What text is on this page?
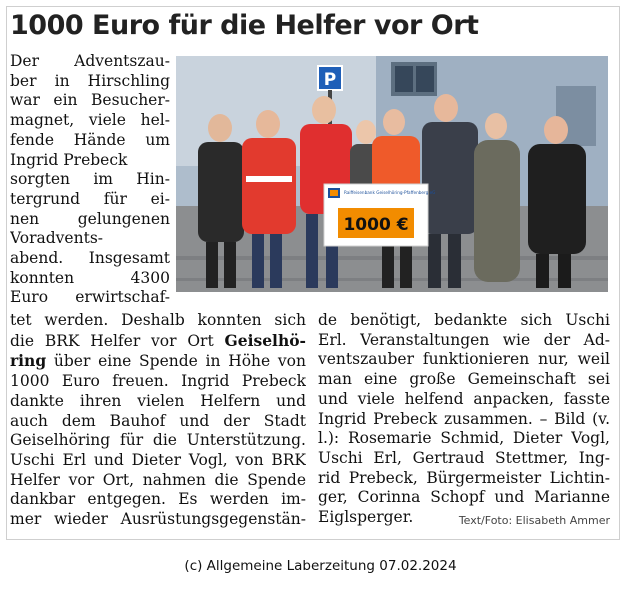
1000 Euro für die Helfer vor Ort
Der Adventszau-
ber in Hirschling
war ein Besucher-
magnet, viele hel-
fende Hände um
Ingrid Prebeck
sorgten im Hin-
tergrund für ei-
nen gelungenen
Voradvents-
abend. Insgesamt
konnten 4300
Euro erwirtschaf-
P
Raiffeisenbank Geiselhöring-Pfaffenberg eG
1000 €
tet werden. Deshalb konnten sich
die BRK Helfer vor Ort Geiselhö-
ring über eine Spende in Höhe von
1000 Euro freuen. Ingrid Prebeck
dankte ihren vielen Helfern und
auch dem Bauhof und der Stadt
Geiselhöring für die Unterstützung.
Uschi Erl und Dieter Vogl, von BRK
Helfer vor Ort, nahmen die Spende
dankbar entgegen. Es werden im-
mer wieder Ausrüstungsgegenstän-
de benötigt, bedankte sich Uschi
Erl. Veranstaltungen wie der Ad-
ventszauber funktionieren nur, weil
man eine große Gemeinschaft sei
und viele helfend anpacken, fasste
Ingrid Prebeck zusammen. – Bild (v.
l.): Rosemarie Schmid, Dieter Vogl,
Uschi Erl, Gertraud Stettmer, Ing-
rid Prebeck, Bürgermeister Lichtin-
ger, Corinna Schopf und Marianne
Eiglsperger.	Text/Foto: Elisabeth Ammer
(c) Allgemeine Laberzeitung 07.02.2024
